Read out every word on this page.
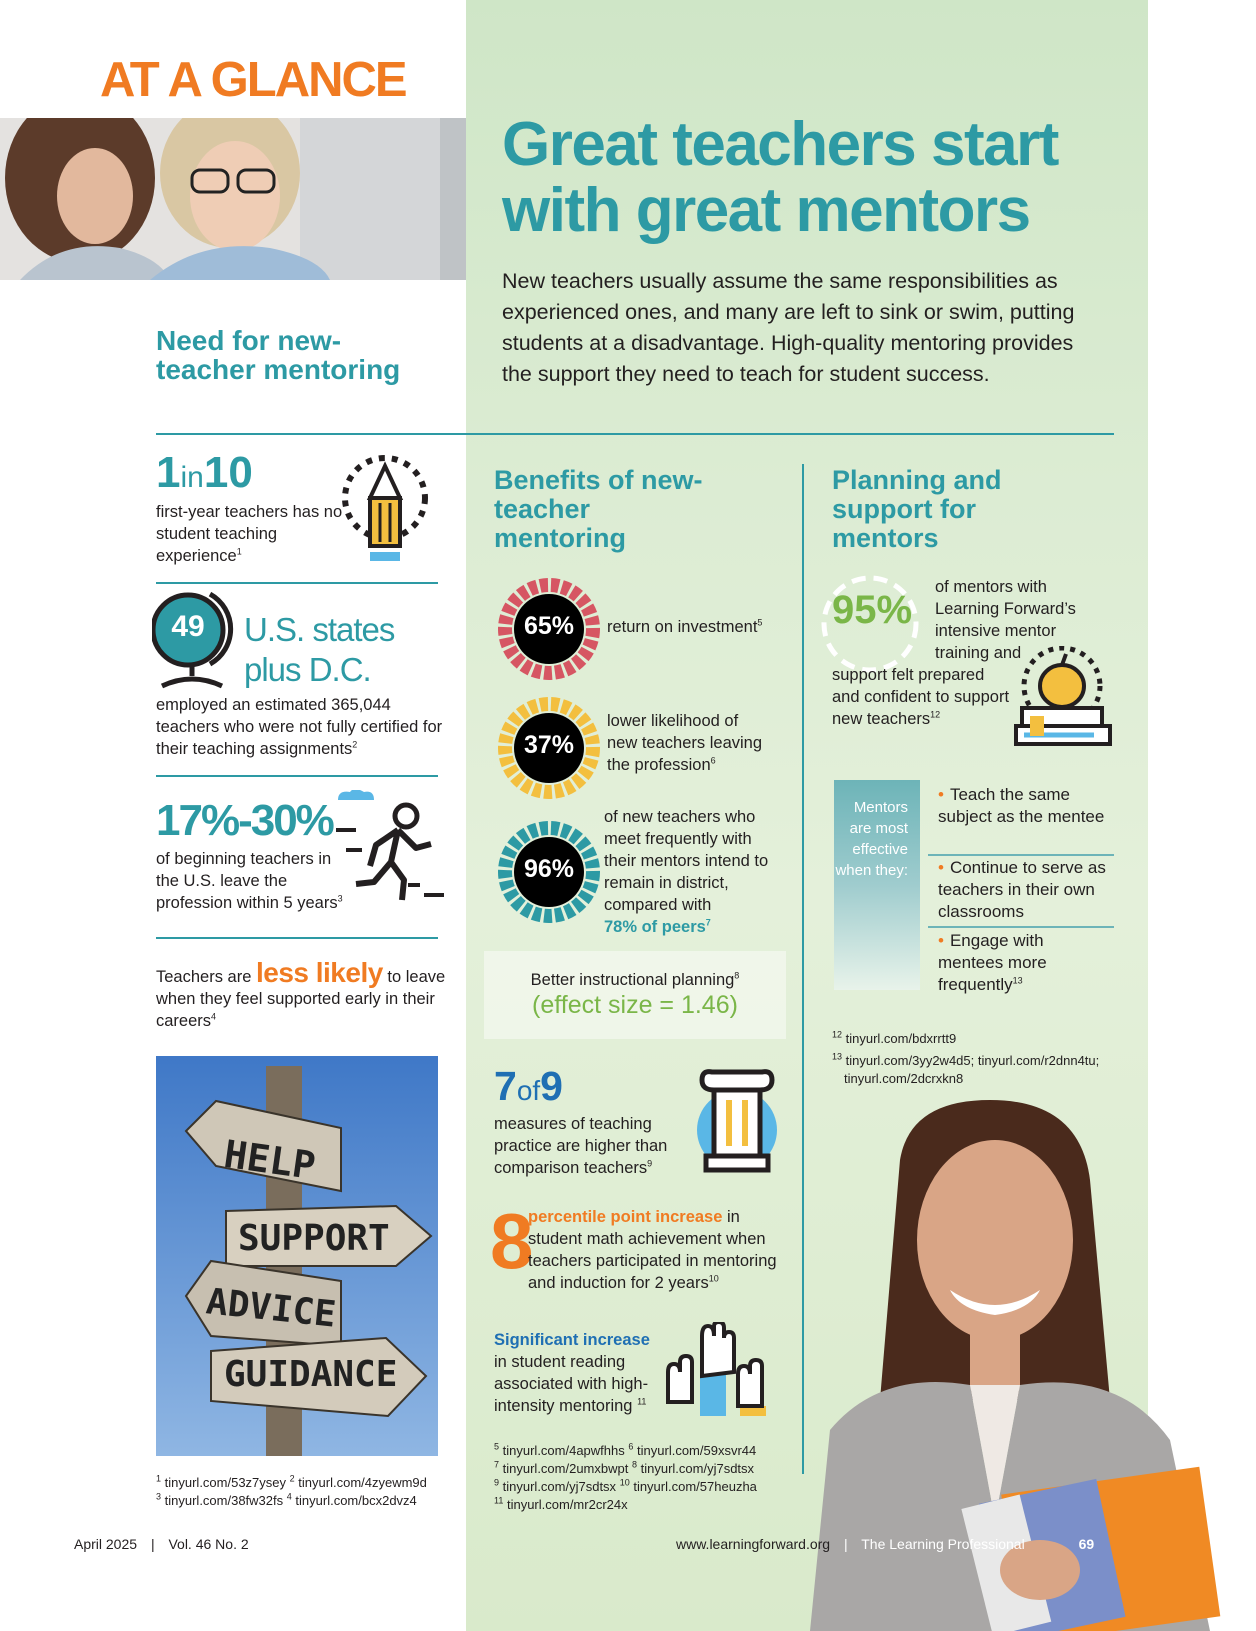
AT A GLANCE
Great teachers start with great mentors
New teachers usually assume the same responsibilities as experienced ones, and many are left to sink or swim, putting students at a disadvantage. High-quality mentoring provides the support they need to teach for student success.
Need for new-teacher mentoring
1in10
first-year teachers has no student teaching experience$^1$
49	U.S. states plus D.C.
employed an estimated 365,044 teachers who were not fully certified for their teaching assignments$^2$
17%-30%
of beginning teachers in the U.S. leave the profession within 5 years$^3$
Teachers are less likely to leave when they feel supported early in their careers$^4$
HELP
SUPPORT
ADVICE
GUIDANCE
$^1$ tinyurl.com/53z7ysey $^2$ tinyurl.com/4zyewm9d
$^3$ tinyurl.com/38fw32fs $^4$ tinyurl.com/bcx2dvz4
Benefits of new-teacher mentoring
65%	return on investment$^5$
37%
lower likelihood of new teachers leaving the profession$^6$
96%
of new teachers who meet frequently with their mentors intend to remain in district, compared with
78% of peers$^7$
Better instructional planning$^8$
(effect size = 1.46)
7of9
measures of teaching practice are higher than comparison teachers$^9$
8
percentile point increase in student math achievement when teachers participated in mentoring and induction for 2 years$^{10}$
Significant increase
in student reading associated with high-intensity mentoring $^{11}$
$^5$ tinyurl.com/4apwfhhs $^6$ tinyurl.com/59xsvr44
$^7$ tinyurl.com/2umxbwpt $^8$ tinyurl.com/yj7sdtsx
$^9$ tinyurl.com/yj7sdtsx $^{10}$ tinyurl.com/57heuzha
$^{11}$ tinyurl.com/mr2cr24x
Planning and support for mentors
95%
of mentors with Learning Forward’s intensive mentor training and
support felt prepared and confident to support new teachers$^{12}$
Mentors are most effective when they:
• Teach the same subject as the mentee
• Continue to serve as teachers in their own classrooms
• Engage with mentees more frequently$^{13}$
$^{12}$ tinyurl.com/bdxrrtt9
$^{13}$ tinyurl.com/3yy2w4d5; tinyurl.com/r2dnn4tu;
tinyurl.com/2dcrxkn8
April 2025 | Vol. 46 No. 2	www.learningforward.org | The Learning Professional	69
